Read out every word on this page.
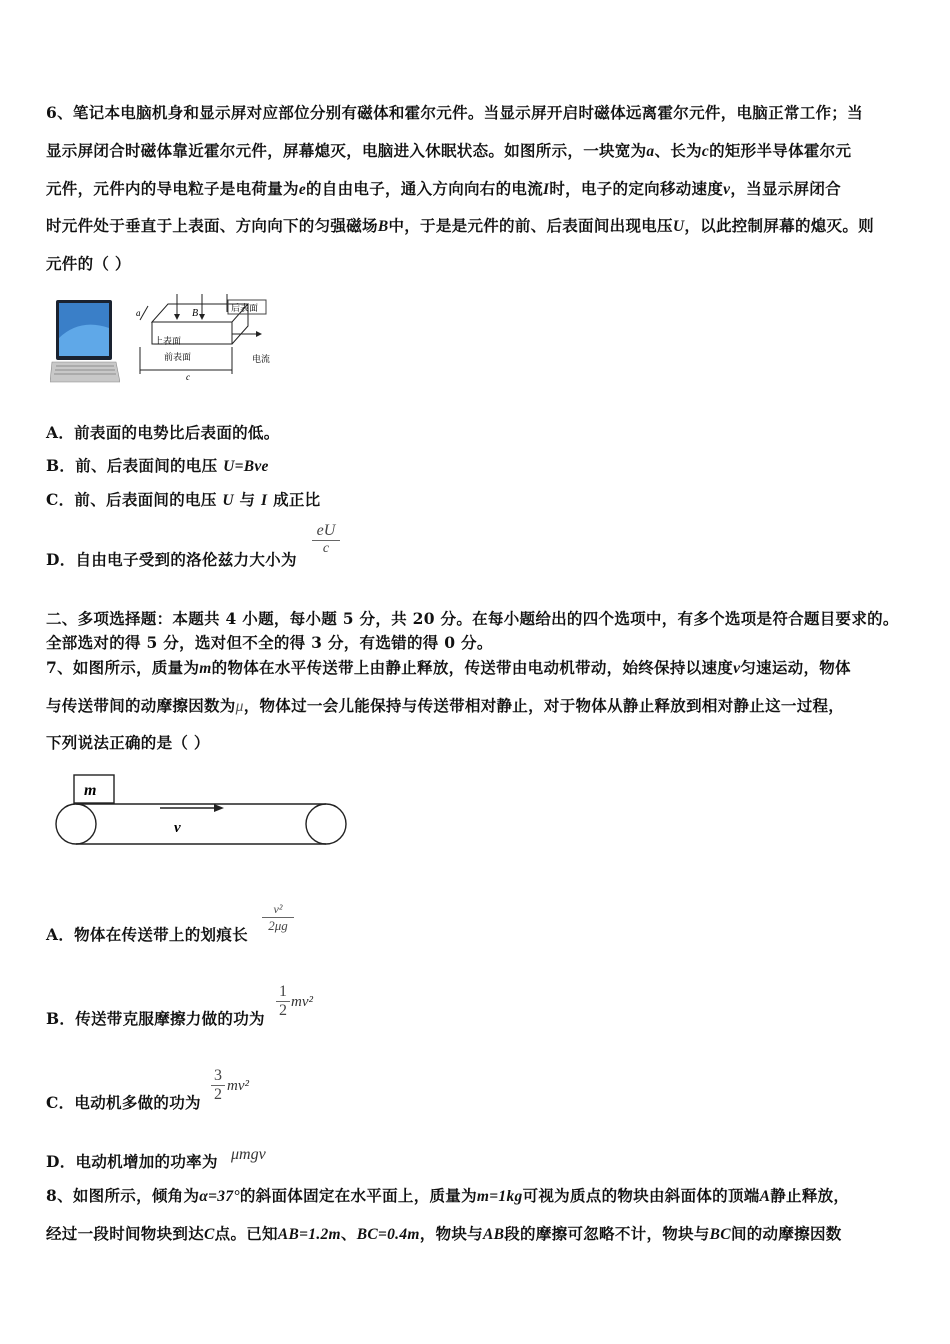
6、笔记本电脑机身和显示屏对应部位分别有磁体和霍尔元件。当显示屏开启时磁体远离霍尔元件，电脑正常工作；当
显示屏闭合时磁体靠近霍尔元件，屏幕熄灭，电脑进入休眠状态。如图所示，一块宽为a、长为c的矩形半导体霍尔元
元件，元件内的导电粒子是电荷量为e的自由电子，通入方向向右的电流I时，电子的定向移动速度v，当显示屏闭合
时元件处于垂直于上表面、方向向下的匀强磁场B中，于是是元件的前、后表面间出现电压U，以此控制屏幕的熄灭。则
元件的（ ）
B	后表面
上表面
前表面	电流
a
c
A．前表面的电势比后表面的低。
B．前、后表面间的电压 U=Bve
C．前、后表面间的电压 U 与 I 成正比
D．自由电子受到的洛伦兹力大小为
$\frac{eU}{c}$
二、多项选择题：本题共 4 小题，每小题 5 分，共 20 分。在每小题给出的四个选项中，有多个选项是符合题目要求的。
全部选对的得 5 分，选对但不全的得 3 分，有选错的得 0 分。
7、如图所示，质量为m的物体在水平传送带上由静止释放，传送带由电动机带动，始终保持以速度v匀速运动，物体
与传送带间的动摩擦因数为μ，物体过一会儿能保持与传送带相对静止，对于物体从静止释放到相对静止这一过程，
下列说法正确的是（ ）
m
v
A．物体在传送带上的划痕长
$\frac{\text{v²}}{2\mu g}$
B．传送带克服摩擦力做的功为 $\frac{1}{2} mv^2$
C．电动机多做的功为 $\frac{3}{2} mv^2$
D．电动机增加的功率为 μmgv
8、如图所示，倾角为α=37°的斜面体固定在水平面上，质量为m=1kg可视为质点的物块由斜面体的顶端A静止释放，
经过一段时间物块到达C点。已知AB=1.2m、BC=0.4m，物块与AB段的摩擦可忽略不计，物块与BC间的动摩擦因数
